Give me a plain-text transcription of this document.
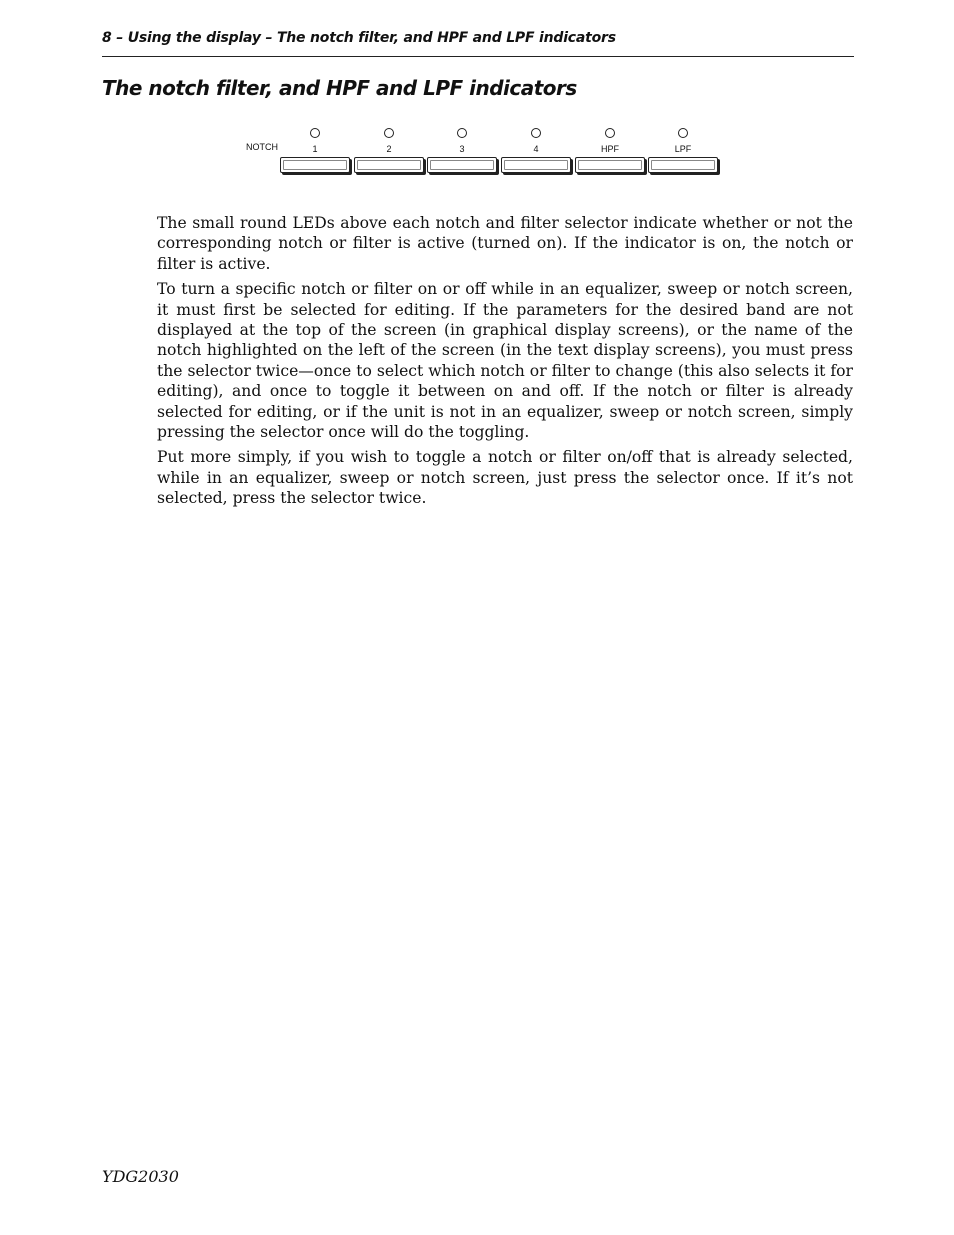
8 – Using the display – The notch filter, and HPF and LPF indicators
The notch filter, and HPF and LPF indicators
NOTCH	1	2	3	4	HPF	LPF

The small round LEDs above each notch and filter selector indicate whether or not the corresponding notch or filter is active (turned on). If the indicator is on, the notch or filter is active.

To turn a specific notch or filter on or off while in an equalizer, sweep or notch screen, it must first be selected for editing. If the parameters for the desired band are not displayed at the top of the screen (in graphical display screens), or the name of the notch highlighted on the left of the screen (in the text display screens), you must press the selector twice—once to select which notch or filter to change (this also selects it for editing), and once to toggle it between on and off. If the notch or filter is already selected for editing, or if the unit is not in an equalizer, sweep or notch screen, simply pressing the selector once will do the toggling.

Put more simply, if you wish to toggle a notch or filter on/off that is already selected, while in an equalizer, sweep or notch screen, just press the selector once. If it’s not selected, press the selector twice.

YDG2030
